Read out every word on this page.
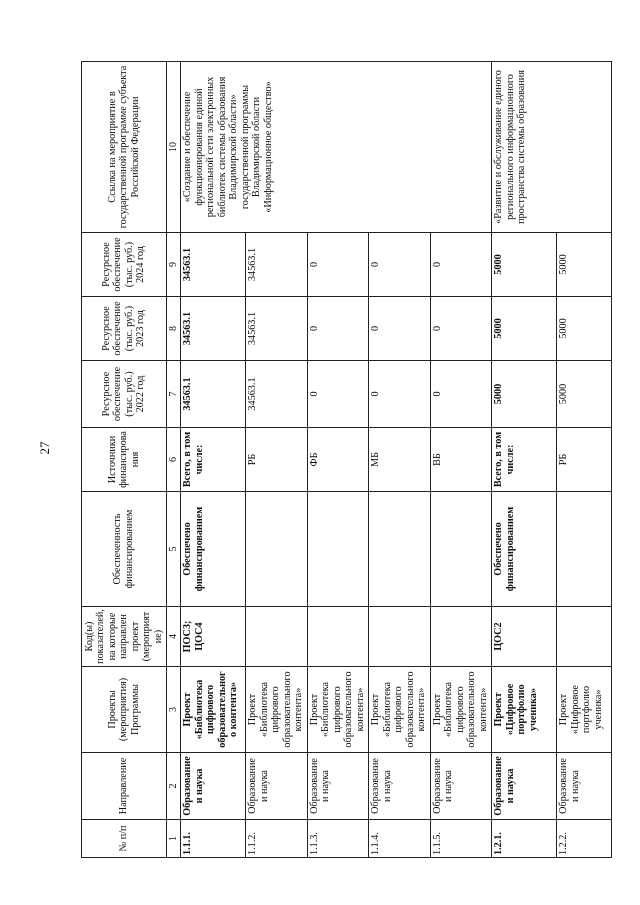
27
№ п/п	Направление	Проекты (мероприятия) Программы	Код(ы) показателей, на которые направлен проект (мероприятие)	Обеспеченность финансированием	Источники финансирования	Ресурсное обеспечение (тыс. руб.) 2022 год	Ресурсное обеспечение (тыс. руб.) 2023 год	Ресурсное обеспечение (тыс. руб.) 2024 год	Ссылка на мероприятие в государственной программе субъекта Российской Федерации
1	2	3	4	5	6	7	8	9	10
1.1.1.	Образование и наука	Проект «Библиотека цифрового образовательного контента»	ПОС3; ЦОС4	Обеспечено финансированием	Всего, в том числе:	34563.1	34563.1	34563.1	«Создание и обеспечение функционирования единой региональной сети электронных библиотек системы образования Владимирской области» государственной программы Владимирской области «Информационное общество»
1.1.2.	Образование и наука	Проект «Библиотека цифрового образовательного контента»			РБ	34563.1	34563.1	34563.1	
1.1.3.	Образование и наука	Проект «Библиотека цифрового образовательного контента»			ФБ	0	0	0	
1.1.4.	Образование и наука	Проект «Библиотека цифрового образовательного контента»			МБ	0	0	0	
1.1.5.	Образование и наука	Проект «Библиотека цифрового образовательного контента»			ВБ	0	0	0	
1.2.1.	Образование и наука	Проект «Цифровое портфолио ученика»	ЦОС2	Обеспечено финансированием	Всего, в том числе:	5000	5000	5000	«Развитие и обслуживание единого регионального информационного пространства системы образования
1.2.2.	Образование и наука	Проект «Цифровое портфолио ученика»			РБ	5000	5000	5000	
